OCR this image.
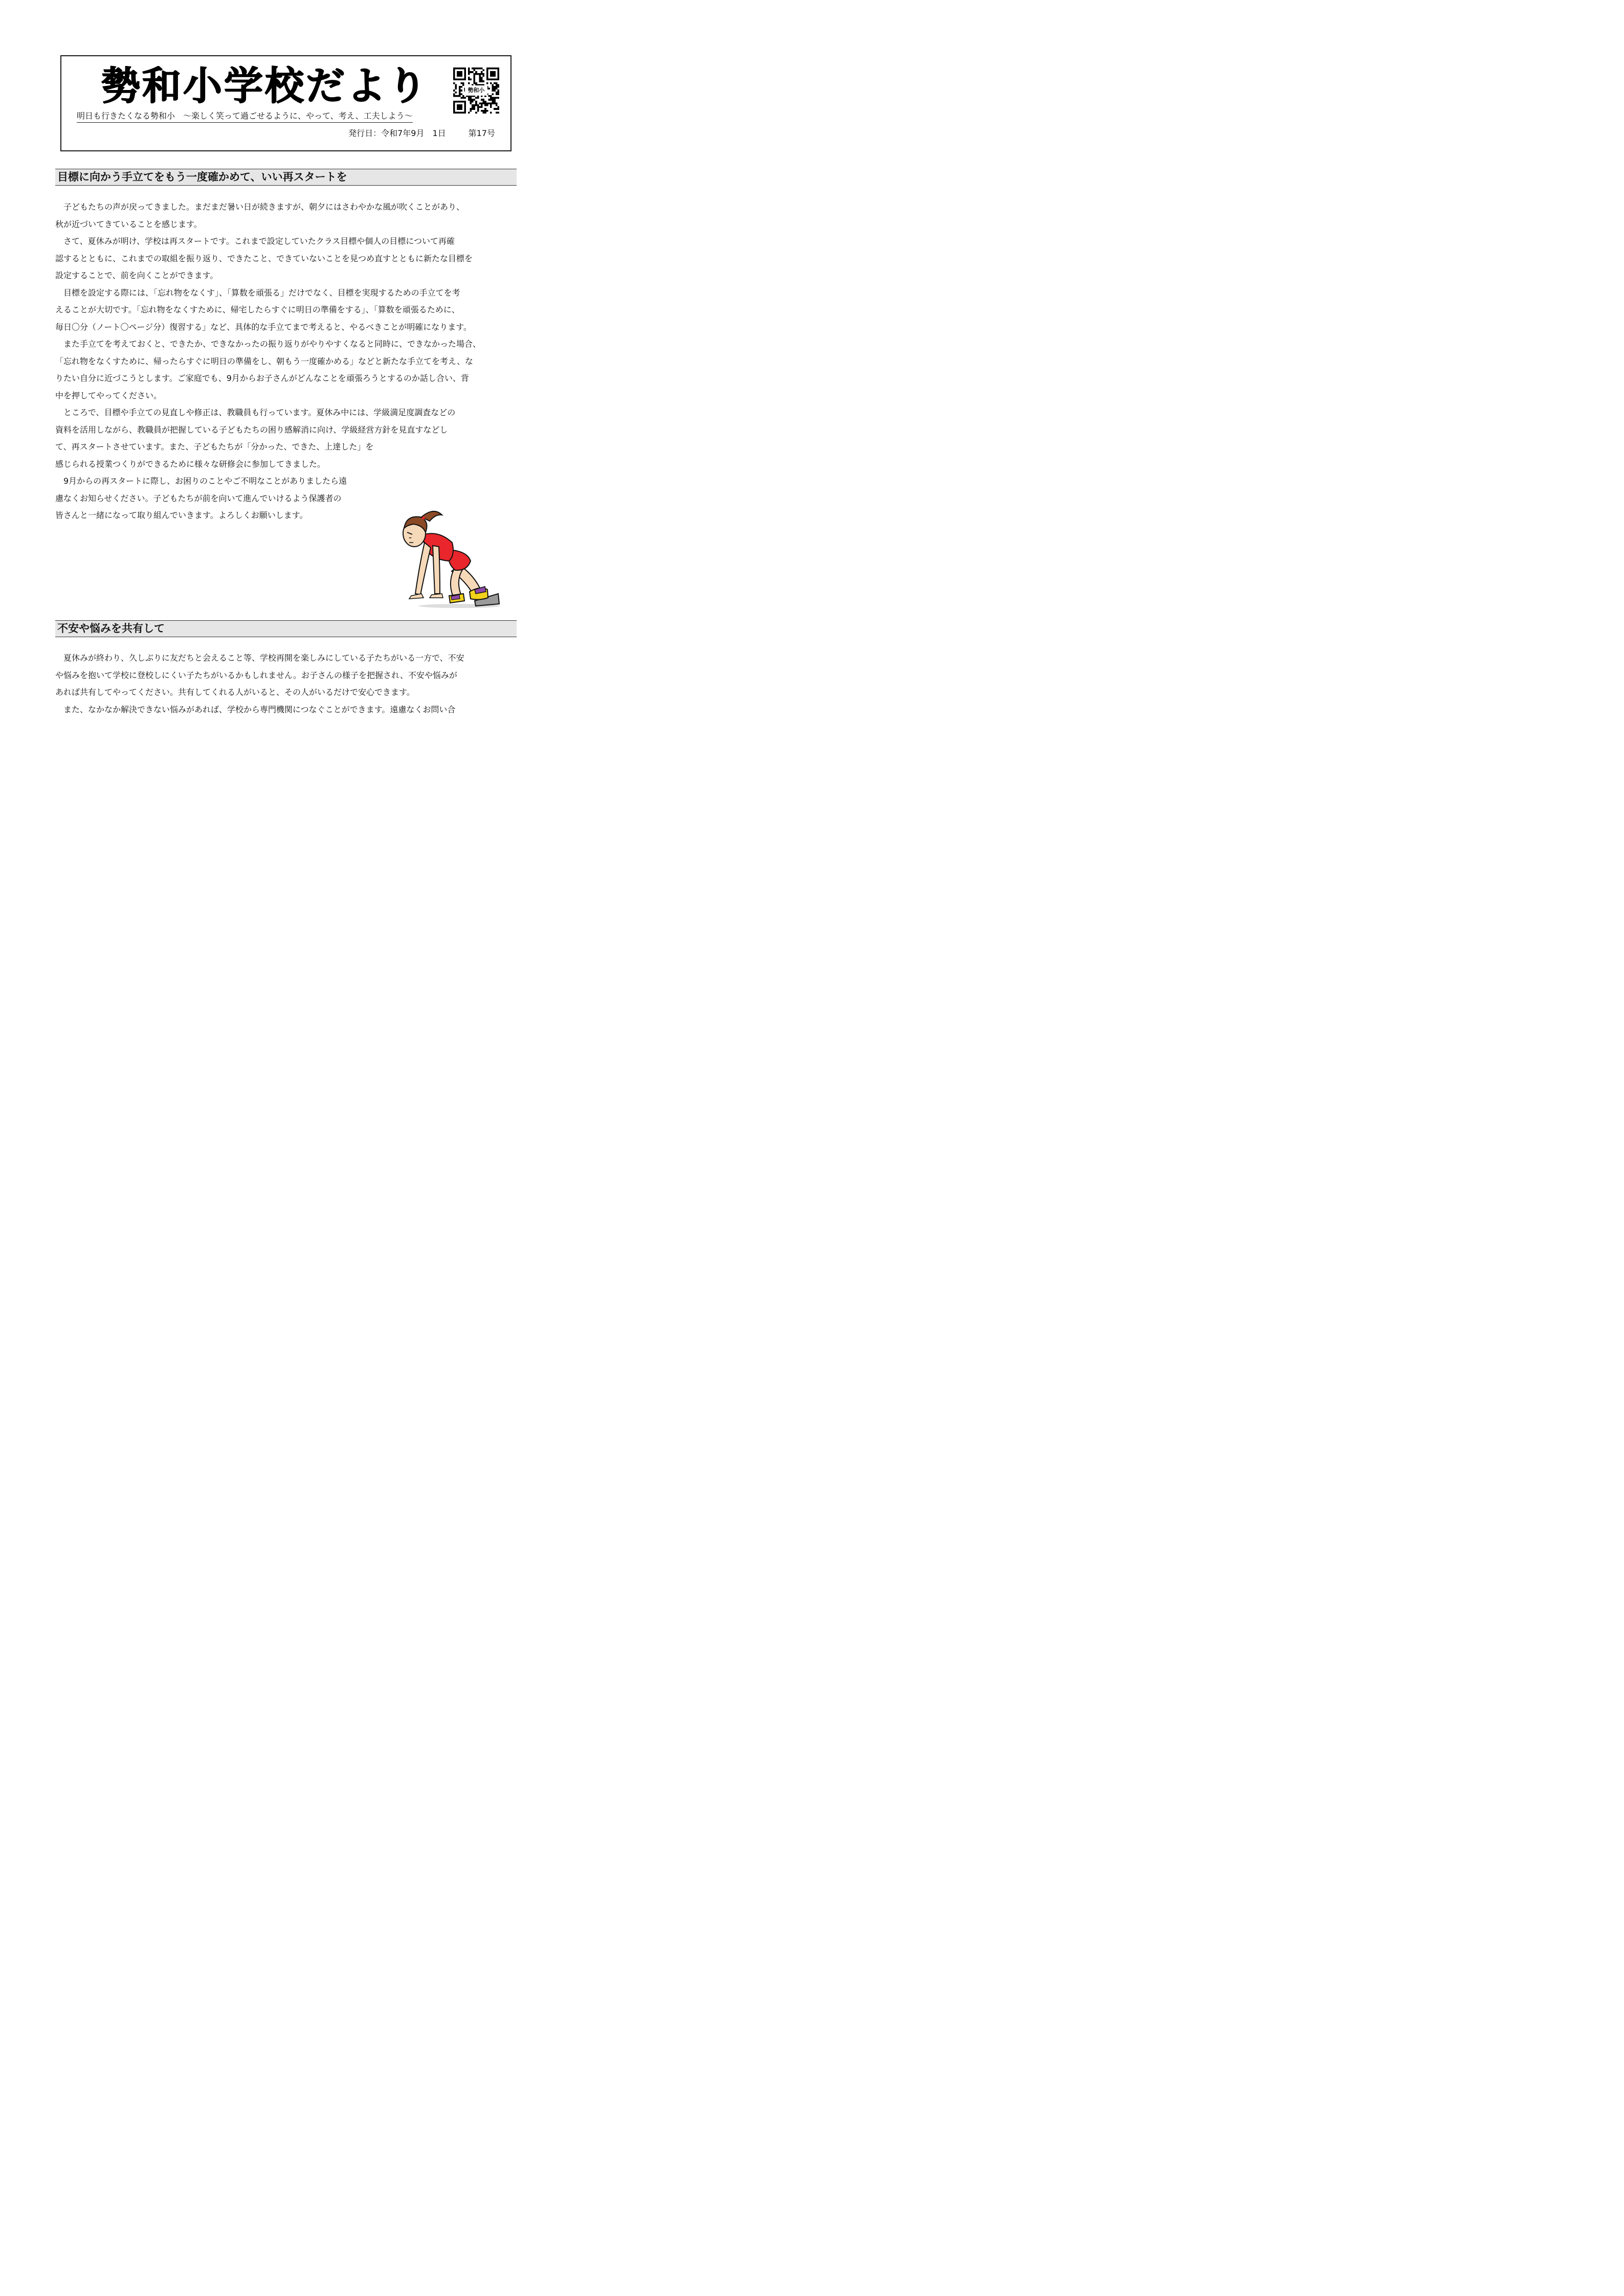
勢和小学校だより	勢和小
明日も行きたくなる勢和小　～楽しく笑って過ごせるように、やって、考え、工夫しよう～
発行日：令和7年9月　1日	第17号
目標に向かう手立てをもう一度確かめて、いい再スタートを

子どもたちの声が戻ってきました。まだまだ暑い日が続きますが、朝夕にはさわやかな風が吹くことがあり、
秋が近づいてきていることを感じます。

さて、夏休みが明け、学校は再スタートです。これまで設定していたクラス目標や個人の目標について再確
認するとともに、これまでの取組を振り返り、できたこと、できていないことを見つめ直すとともに新たな目標を
設定することで、前を向くことができます。

目標を設定する際には、「忘れ物をなくす」、「算数を頑張る」だけでなく、目標を実現するための手立てを考
えることが大切です。「忘れ物をなくすために、帰宅したらすぐに明日の準備をする」、「算数を頑張るために、
毎日〇分（ノート〇ページ分）復習する」など、具体的な手立てまで考えると、やるべきことが明確になります。

また手立てを考えておくと、できたか、できなかったの振り返りがやりやすくなると同時に、できなかった場合、
「忘れ物をなくすために、帰ったらすぐに明日の準備をし、朝もう一度確かめる」などと新たな手立てを考え、な
りたい自分に近づこうとします。ご家庭でも、9月からお子さんがどんなことを頑張ろうとするのか話し合い、背
中を押してやってください。

ところで、目標や手立ての見直しや修正は、教職員も行っています。夏休み中には、学級満足度調査などの
資料を活用しながら、教職員が把握している子どもたちの困り感解消に向け、学級経営方針を見直すなどし
て、再スタートさせています。また、子どもたちが「分かった、できた、上達した」を
感じられる授業つくりができるために様々な研修会に参加してきました。

9月からの再スタートに際し、お困りのことやご不明なことがありましたら遠
慮なくお知らせください。子どもたちが前を向いて進んでいけるよう保護者の
皆さんと一緒になって取り組んでいきます。よろしくお願いします。

不安や悩みを共有して

夏休みが終わり、久しぶりに友だちと会えること等、学校再開を楽しみにしている子たちがいる一方で、不安
や悩みを抱いて学校に登校しにくい子たちがいるかもしれません。お子さんの様子を把握され、不安や悩みが
あれば共有してやってください。共有してくれる人がいると、その人がいるだけで安心できます。

また、なかなか解決できない悩みがあれば、学校から専門機関につなぐことができます。遠慮なくお問い合
